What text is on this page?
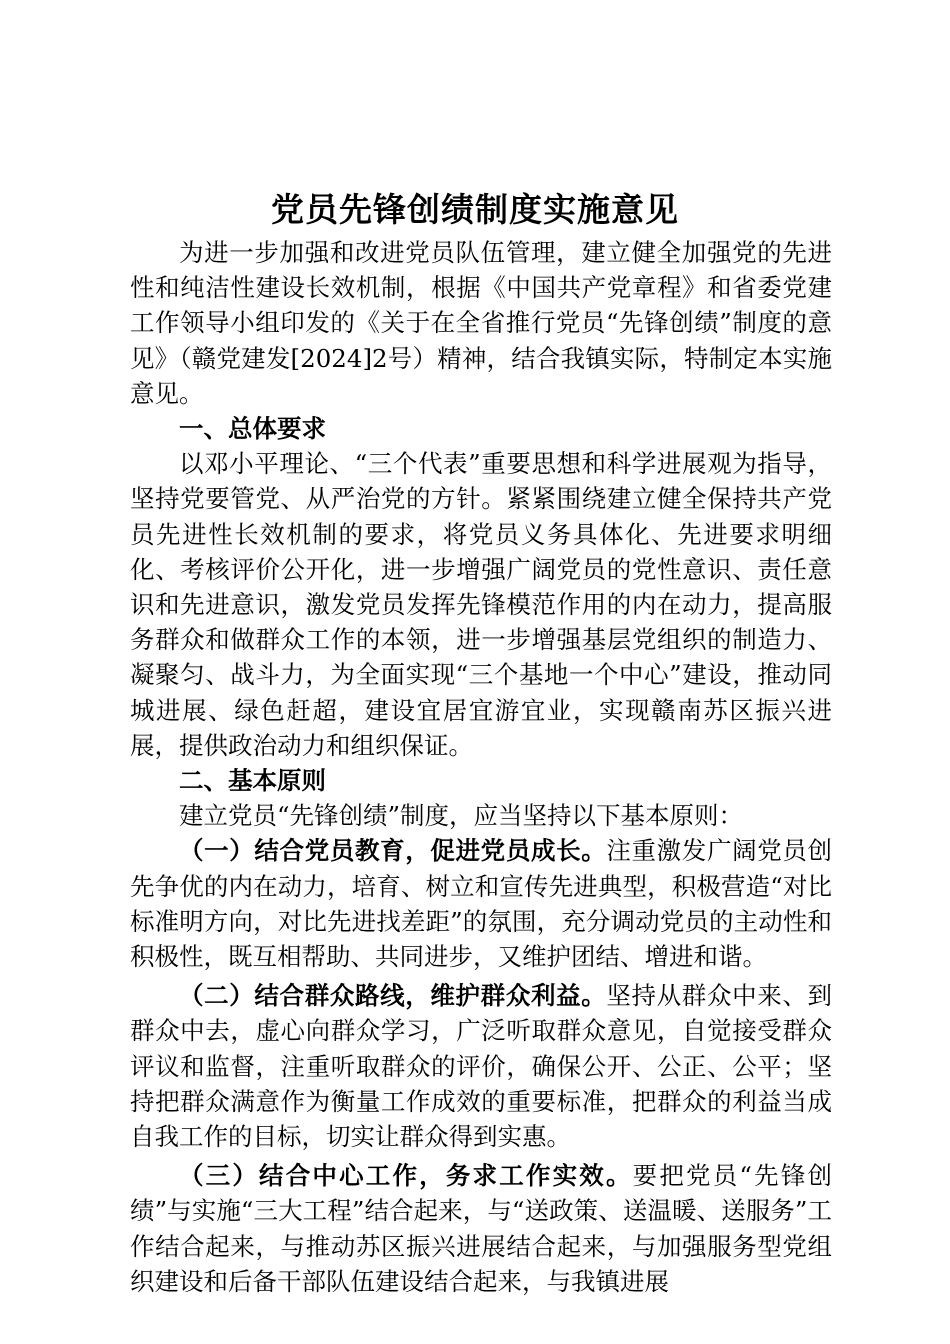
党员先锋创绩制度实施意见

为进一步加强和改进党员队伍管理，建立健全加强党的先进性和纯洁性建设长效机制，根据《中国共产党章程》和省委党建工作领导小组印发的《关于在全省推行党员“先锋创绩”制度的意见》（赣党建发[2024]2号）精神，结合我镇实际，特制定本实施意见。

一、总体要求

以邓小平理论、“三个代表”重要思想和科学进展观为指导，坚持党要管党、从严治党的方针。紧紧围绕建立健全保持共产党员先进性长效机制的要求，将党员义务具体化、先进要求明细化、考核评价公开化，进一步增强广阔党员的党性意识、责任意识和先进意识，激发党员发挥先锋模范作用的内在动力，提高服务群众和做群众工作的本领，进一步增强基层党组织的制造力、凝聚匀、战斗力，为全面实现“三个基地一个中心”建设，推动同城进展、绿色赶超，建设宜居宜游宜业，实现赣南苏区振兴进展，提供政治动力和组织保证。

二、基本原则

建立党员“先锋创绩”制度，应当坚持以下基本原则：

（一）结合党员教育，促进党员成长。注重激发广阔党员创先争优的内在动力，培育、树立和宣传先进典型，积极营造“对比标准明方向，对比先进找差距”的氛围，充分调动党员的主动性和积极性，既互相帮助、共同进步，又维护团结、增进和谐。

（二）结合群众路线，维护群众利益。坚持从群众中来、到群众中去，虚心向群众学习，广泛听取群众意见，自觉接受群众评议和监督，注重听取群众的评价，确保公开、公正、公平；坚持把群众满意作为衡量工作成效的重要标准，把群众的利益当成自我工作的目标，切实让群众得到实惠。

（三）结合中心工作，务求工作实效。要把党员“先锋创绩”与实施“三大工程”结合起来，与“送政策、送温暖、送服务”工作结合起来，与推动苏区振兴进展结合起来，与加强服务型党组织建设和后备干部队伍建设结合起来，与我镇进展
